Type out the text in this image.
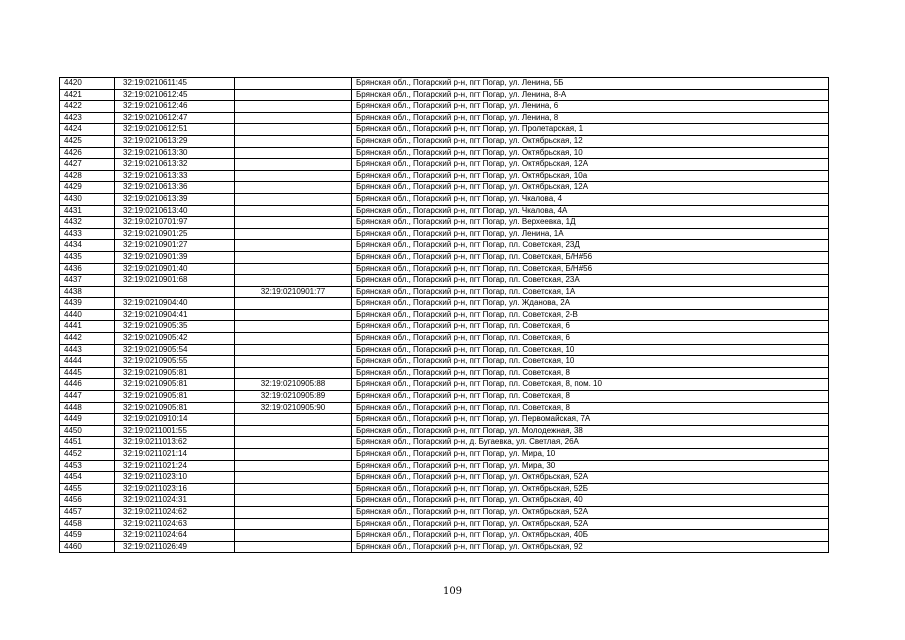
4420	32:19:0210611:45		Брянская обл., Погарский р-н, пгт Погар, ул. Ленина, 5Б
4421	32:19:0210612:45		Брянская обл., Погарский р-н, пгт Погар, ул. Ленина, 8-А
4422	32:19:0210612:46		Брянская обл., Погарский р-н, пгт Погар, ул. Ленина, 6
4423	32:19:0210612:47		Брянская обл., Погарский р-н, пгт Погар, ул. Ленина, 8
4424	32:19:0210612:51		Брянская обл., Погарский р-н, пгт Погар, ул. Пролетарская, 1
4425	32:19:0210613:29		Брянская обл., Погарский р-н, пгт Погар, ул. Октябрьская, 12
4426	32:19:0210613:30		Брянская обл., Погарский р-н, пгт Погар, ул. Октябрьская, 10
4427	32:19:0210613:32		Брянская обл., Погарский р-н, пгт Погар, ул. Октябрьская, 12А
4428	32:19:0210613:33		Брянская обл., Погарский р-н, пгт Погар, ул. Октябрьская, 10а
4429	32:19:0210613:36		Брянская обл., Погарский р-н, пгт Погар, ул. Октябрьская, 12А
4430	32:19:0210613:39		Брянская обл., Погарский р-н, пгт Погар, ул. Чкалова, 4
4431	32:19:0210613:40		Брянская обл., Погарский р-н, пгт Погар, ул. Чкалова, 4А
4432	32:19:0210701:97		Брянская обл., Погарский р-н, пгт Погар, ул. Верхеевка, 1Д
4433	32:19:0210901:25		Брянская обл., Погарский р-н, пгт Погар, ул. Ленина, 1А
4434	32:19:0210901:27		Брянская обл., Погарский р-н, пгт Погар, пл. Советская, 23Д
4435	32:19:0210901:39		Брянская обл., Погарский р-н, пгт Погар, пл. Советская, Б/Н#56
4436	32:19:0210901:40		Брянская обл., Погарский р-н, пгт Погар, пл. Советская, Б/Н#56
4437	32:19:0210901:68		Брянская обл., Погарский р-н, пгт Погар, пл. Советская, 23А
4438		32:19:0210901:77	Брянская обл., Погарский р-н, пгт Погар, пл. Советская, 1А
4439	32:19:0210904:40		Брянская обл., Погарский р-н, пгт Погар, ул. Жданова, 2А
4440	32:19:0210904:41		Брянская обл., Погарский р-н, пгт Погар, пл. Советская, 2-В
4441	32:19:0210905:35		Брянская обл., Погарский р-н, пгт Погар, пл. Советская, 6
4442	32:19:0210905:42		Брянская обл., Погарский р-н, пгт Погар, пл. Советская, 6
4443	32:19:0210905:54		Брянская обл., Погарский р-н, пгт Погар, пл. Советская, 10
4444	32:19:0210905:55		Брянская обл., Погарский р-н, пгт Погар, пл. Советская, 10
4445	32:19:0210905:81		Брянская обл., Погарский р-н, пгт Погар, пл. Советская, 8
4446	32:19:0210905:81	32:19:0210905:88	Брянская обл., Погарский р-н, пгт Погар, пл. Советская, 8, пом. 10
4447	32:19:0210905:81	32:19:0210905:89	Брянская обл., Погарский р-н, пгт Погар, пл. Советская, 8
4448	32:19:0210905:81	32:19:0210905:90	Брянская обл., Погарский р-н, пгт Погар, пл. Советская, 8
4449	32:19:0210910:14		Брянская обл., Погарский р-н, пгт Погар, ул. Первомайская, 7А
4450	32:19:0211001:55		Брянская обл., Погарский р-н, пгт Погар, ул. Молодежная, 38
4451	32:19:0211013:62		Брянская обл., Погарский р-н, д. Бугаевка, ул. Светлая, 26А
4452	32:19:0211021:14		Брянская обл., Погарский р-н, пгт Погар, ул. Мира, 10
4453	32:19:0211021:24		Брянская обл., Погарский р-н, пгт Погар, ул. Мира, 30
4454	32:19:0211023:10		Брянская обл., Погарский р-н, пгт Погар, ул. Октябрьская, 52А
4455	32:19:0211023:16		Брянская обл., Погарский р-н, пгт Погар, ул. Октябрьская, 52Б
4456	32:19:0211024:31		Брянская обл., Погарский р-н, пгт Погар, ул. Октябрьская, 40
4457	32:19:0211024:62		Брянская обл., Погарский р-н, пгт Погар, ул. Октябрьская, 52А
4458	32:19:0211024:63		Брянская обл., Погарский р-н, пгт Погар, ул. Октябрьская, 52А
4459	32:19:0211024:64		Брянская обл., Погарский р-н, пгт Погар, ул. Октябрьская, 40Б
4460	32:19:0211026:49		Брянская обл., Погарский р-н, пгт Погар, ул. Октябрьская, 92
109
